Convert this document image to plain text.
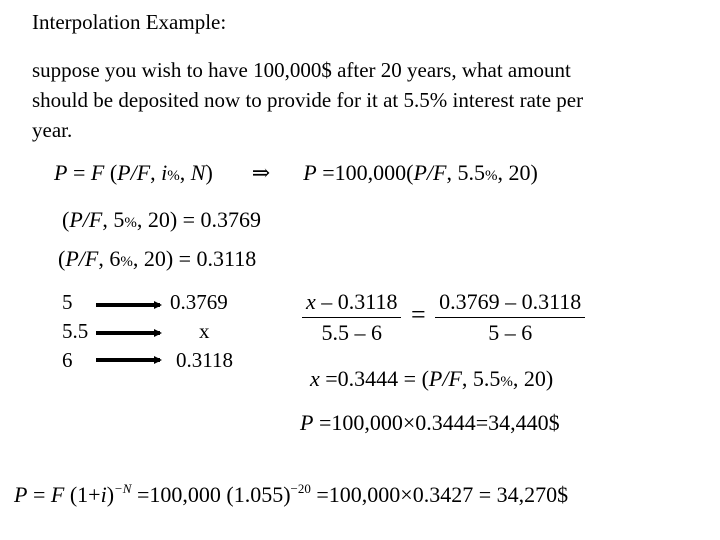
Interpolation Example:
suppose you wish to have 100,000$ after 20 years, what amount
should be deposited now to provide for it at 5.5% interest rate per
year.
P = F (P/F, i%, N) ⇒ P =100,000(P/F, 5.5%, 20)
(P/F, 5%, 20) = 0.3769
(P/F, 6%, 20) = 0.3118
5
5.5
6
0.3769
x
0.3118
$\frac{x - 0.3118}{5.5 - 6} = \frac{0.3769 - 0.3118}{5 - 6}$
x =0.3444 = (P/F, 5.5%, 20)
P =100,000×0.3444=34,440$
P = F $(1+i)^{-N} =100,000$ $(1.055)^{-20} =100,000\times 0.3427$ = 34,270$
